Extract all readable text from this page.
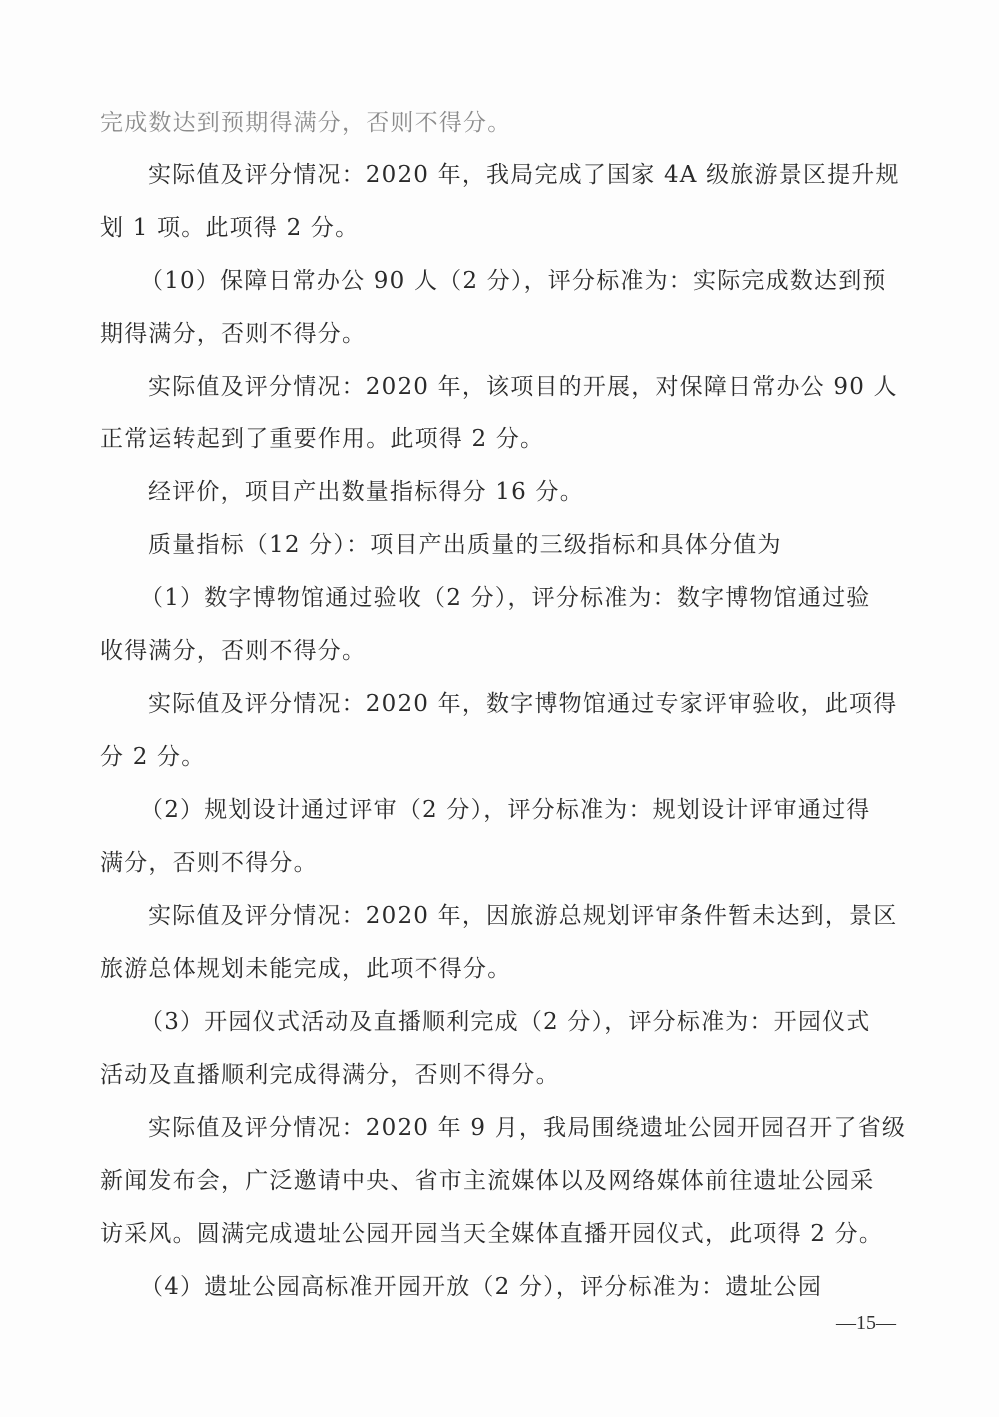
完成数达到预期得满分，否则不得分。
实际值及评分情况：2020 年，我局完成了国家 4A 级旅游景区提升规
划 1 项。此项得 2 分。
（10）保障日常办公 90 人（2 分），评分标准为：实际完成数达到预
期得满分，否则不得分。
实际值及评分情况：2020 年，该项目的开展，对保障日常办公 90 人
正常运转起到了重要作用。此项得 2 分。
经评价，项目产出数量指标得分 16 分。
质量指标（12 分）：项目产出质量的三级指标和具体分值为
（1）数字博物馆通过验收（2 分），评分标准为：数字博物馆通过验
收得满分，否则不得分。
实际值及评分情况：2020 年，数字博物馆通过专家评审验收，此项得
分 2 分。
（2）规划设计通过评审（2 分），评分标准为：规划设计评审通过得
满分，否则不得分。
实际值及评分情况：2020 年，因旅游总规划评审条件暂未达到，景区
旅游总体规划未能完成，此项不得分。
（3）开园仪式活动及直播顺利完成（2 分），评分标准为：开园仪式
活动及直播顺利完成得满分，否则不得分。
实际值及评分情况：2020 年 9 月，我局围绕遗址公园开园召开了省级
新闻发布会，广泛邀请中央、省市主流媒体以及网络媒体前往遗址公园采
访采风。圆满完成遗址公园开园当天全媒体直播开园仪式，此项得 2 分。
（4）遗址公园高标准开园开放（2 分），评分标准为：遗址公园
—15—
